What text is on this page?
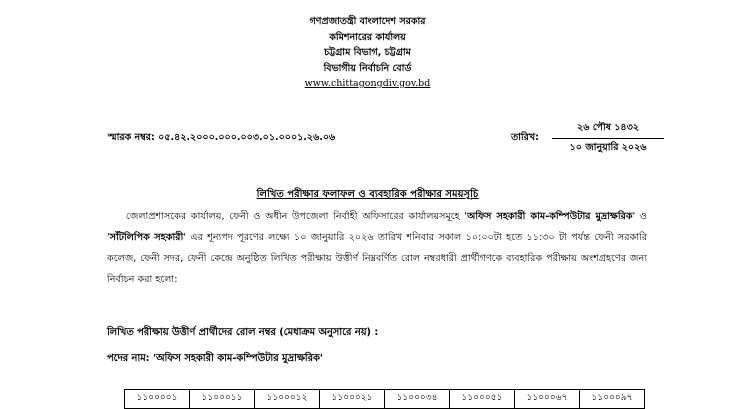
গণপ্রজাতন্ত্রী বাংলাদেশ সরকার
কমিশনারের কার্যালয়
চট্টগ্রাম বিভাগ, চট্টগ্রাম
বিভাগীয় নির্বাচনি বোর্ড
www.chittagongdiv.gov.bd
স্মারক নম্বর: ০৫.৪২.২০০০.০০০.০০৩.০১.০০০১.২৬.০৬	তারিখ:
২৬ পৌষ ১৪৩২
১০ জানুয়ারি ২০২৬
লিখিত পরীক্ষার ফলাফল ও ব্যবহারিক পরীক্ষার সময়সূচি
জেলাপ্রশাসকের কার্যালয়, ফেনী ও অধীন উপজেলা নির্বাহী অফিসারের কার্যালয়সমূহে 'অফিস সহকারী কাম-কম্পিউটার মুদ্রাক্ষরিক' ও 'সাঁটলিপিক সহকারী' এর শূন্যপদ পূরণের লক্ষ্যে ১০ জানুয়ারি ২০২৬ তারিখ শনিবার সকাল ১০:০০টা হতে ১১:৩০ টা পর্যন্ত ফেনী সরকারি কলেজ, ফেনী সদর, ফেনী কেন্দ্রে অনুষ্ঠিত লিখিত পরীক্ষায় উত্তীর্ণ নিম্নবর্ণিত রোল নম্বরধারী প্রার্থীগণকে ব্যবহারিক পরীক্ষায় অংশগ্রহণের জন্য নির্বাচন করা হলো:
লিখিত পরীক্ষায় উত্তীর্ণ প্রার্থীদের রোল নম্বর (মেধাক্রম অনুসারে নয়) :
পদের নাম: 'অফিস সহকারী কাম-কম্পিউটার মুদ্রাক্ষরিক'
১১০০০০১	১১০০০১১	১১০০০১২	১১০০০২১	১১০০০৩৪	১১০০০৫১	১১০০০৬৭	১১০০০৯৭
